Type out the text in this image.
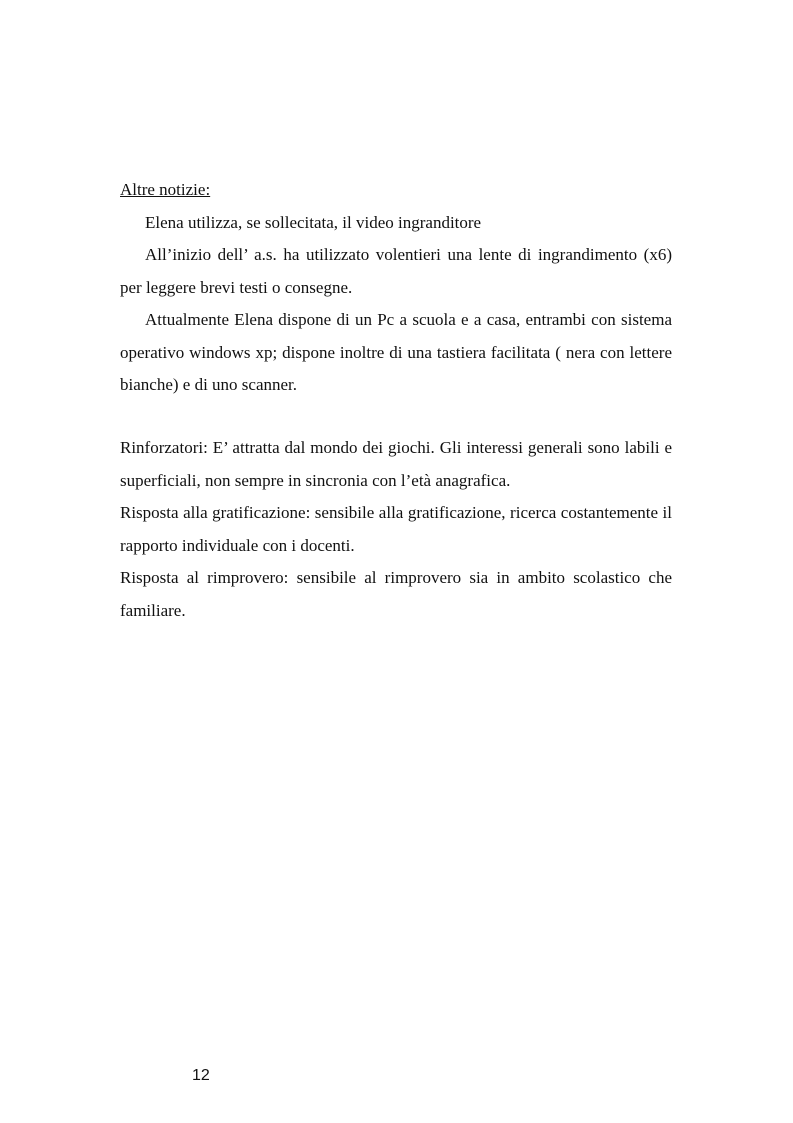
Altre notizie:

Elena utilizza, se sollecitata, il video ingranditore

All’inizio dell’ a.s. ha utilizzato volentieri una lente di ingrandimento (x6) per leggere brevi testi o consegne.

Attualmente Elena dispone di un Pc a scuola e a casa, entrambi con sistema operativo windows xp; dispone inoltre di una tastiera facilitata ( nera con lettere bianche) e di uno scanner.

Rinforzatori: E’ attratta dal mondo dei giochi. Gli interessi generali sono labili e superficiali, non sempre in sincronia con l’età anagrafica.

Risposta alla gratificazione: sensibile alla gratificazione, ricerca costantemente il rapporto individuale con i docenti.

Risposta al rimprovero: sensibile al rimprovero sia in ambito scolastico che familiare.

12
